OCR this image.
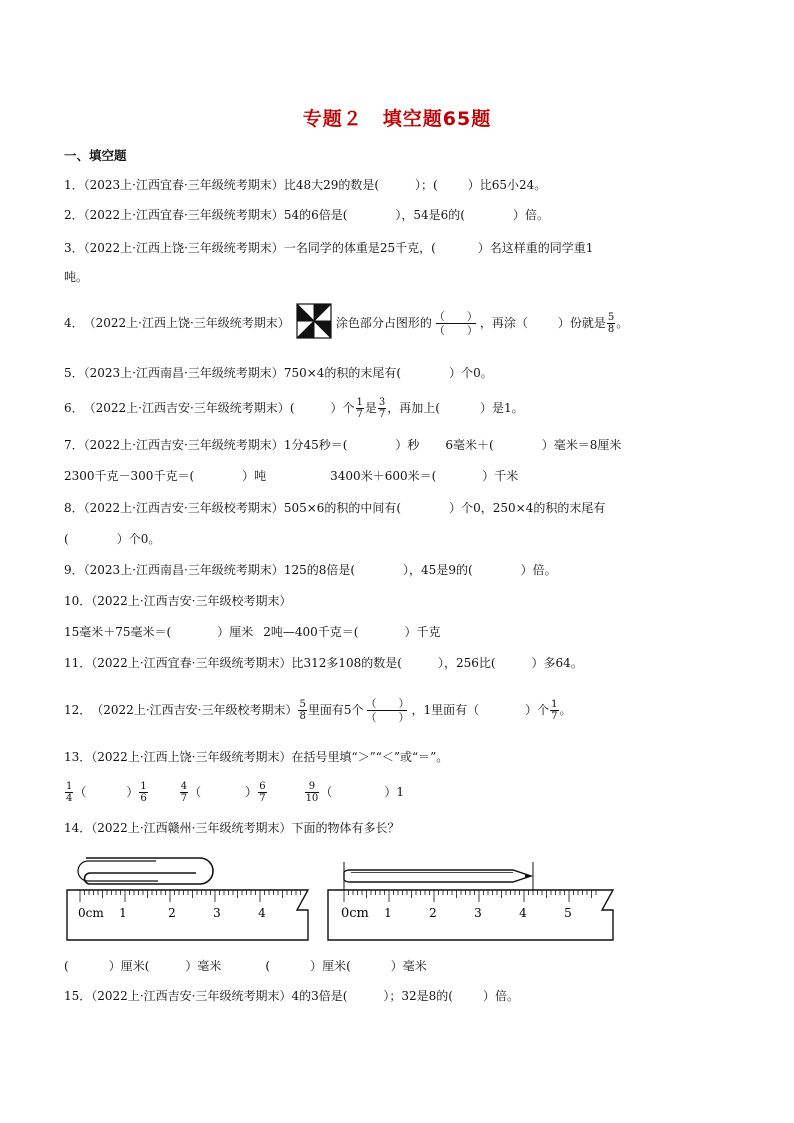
专题２　填空题65题
一、填空题
1．（2023上·江西宜春·三年级统考期末）比48大29的数是(	）；(	）比65小24。
2．（2022上·江西宜春·三年级统考期末）54的6倍是(	），54是6的(	）倍。
3．（2022上·江西上饶·三年级统考期末）一名同学的体重是25千克，(	）名这样重的同学重1
吨。
4． （2022上·江西上饶·三年级统考期末）	涂色部分占图形的 （　　）
（　　） ，再涂（	）份就是 $\frac{5}{8}$ 。
5．（2023上·江西南昌·三年级统考期末）750×4的积的末尾有(	）个0。
6． （2022上·江西吉安·三年级统考期末） (	）个 $\frac{1}{7}$ 是 $\frac{3}{7}$ ，再加上(	）是1。
7．（2022上·江西吉安·三年级统考期末）1分45秒＝(	）秒 6毫米＋(	）毫米＝8厘米
2300千克－300千克＝(	）吨	3400米＋600米＝(	）千米
8．（2022上·江西吉安·三年级校考期末）505×6的积的中间有(	）个0，250×4的积的末尾有
(	）个0。
9．（2023上·江西南昌·三年级统考期末）125的8倍是(	），45是9的(	）倍。
10．（2022上·江西吉安·三年级校考期末）
15毫米＋75毫米＝(	）厘米 2吨—400千克＝(	）千克
11．（2022上·江西宜春·三年级统考期末）比312多108的数是(	），256比(	）多64。
12． （2022上·江西吉安·三年级校考期末） $\frac{5}{8}$ 里面有5个 （　　）
（　　） ，1里面有（	）个 $\frac{1}{7}$ 。
13．（2022上·江西上饶·三年级统考期末）在括号里填“＞”“＜”或“＝”。
$\frac{1}{4}$ （	） $\frac{1}{6}$	$\frac{4}{7}$ （	） $\frac{6}{7}$	$\frac{9}{10}$ （	）1
14．（2022上·江西赣州·三年级统考期末）下面的物体有多长？
0cm 1	2	3	4	0cm 1	2	3	4	5
(	）厘米(	）毫米	(	）厘米(	）毫米
15．（2022上·江西吉安·三年级统考期末）4的3倍是(	）；32是8的(	）倍。
